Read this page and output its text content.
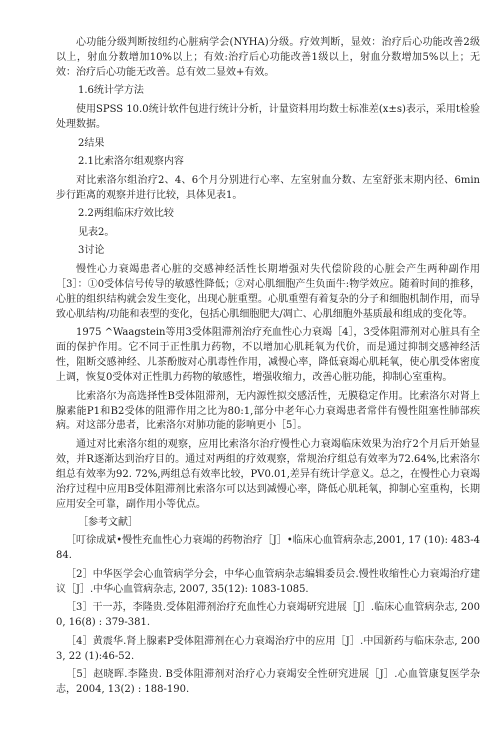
心功能分级判断按纽约心脏病学会(NYHA)分级。疗效判断，显效：治疗后心功能改善2级以上，射血分数增加10%以上；有效:治疗后心功能改善1级以上，射血分数增加5%以上；无效：治疗后心功能无改善。总有效二显效+有效。

1.6统计学方法

使用SPSS 10.0统计软件包进行统计分析，计量资料用均数士标准差(x±s)表示，采用t检验处理数据。

2结果

2.1比索洛尔组观察内容

对比索洛尔组治疗2、4、6个月分别进行心率、左室射血分数、左室舒张末期内径、6min步行距离的观察并进行比较，具体见表1。

2.2两组临床疗效比较

见表2。

3讨论

慢性心力衰竭患者心脏的交感神经活性长期增强对失代偿阶段的心脏会产生两种副作用［3］：①0受体信号传导的敏感性降低；②对心肌细胞产生负面牛:物学效应。随着时间的推移，心脏的组织结构就会发生变化，出现心脏重塑。心肌重塑有着复杂的分子和细胞机制作用，而导致心肌结构/功能和表型的变化，包括心肌细胞肥大/凋亡、心肌细胞外基质最和组成的变化等。

1975 ^Waagstein等用3受体阻滞剂治疗充血性心力衰竭［4］，3受体阻滞剂对心脏具有全面的保护作用。它不同于正性肌力药物，不以增加心肌耗氧为代价，而是通过抑制交感神经活性，阻断交感神经、儿茶酚胺对心肌毒性作用，减慢心率，降低衰竭心肌耗氧，使心肌受体密度上调，恢复0受体对正性肌力药物的敏感性，增强收缩力，改善心脏功能，抑制心室重构。

比索洛尔为高选择性B受体阻滞剂，无内源性拟交感活性，无膜稳定作用。比索洛尔对肾上腺素能P1和B2受体的阻滞作用之比为80:1,部分中老年心力衰竭患者常伴有慢性阻塞性肺部疾病。对这部分患者，比索洛尔对肺功能的影响更小［5］。

通过对比索洛尔组的观察，应用比索洛尔治疗慢性心力衰竭临床效果为治疗2个月后开始显效，并R逐渐达到治疗目的。通过对两组的疗效观察，常规治疗组总有效率为72.64%,比索洛尔组总有效率为92. 72%,两组总有效率比较，PV0.01,差异有统计学意义。总之，在慢性心力衰竭治疗过程中应用B受体阻滞剂比索洛尔可以达到减慢心率，降低心肌耗氧，抑制心室重构，长期应用安全可靠，副作用小等优点。

［参考文献］

［叮徐成斌•慢性充血性心力衰竭的药物治疗［J］•临床心血管病杂志,2001, 17 (10): 483-484.

［2］中华医学会心血管病学分会，中华心血管病杂志编辑委员会.慢性收缩性心力衰竭治疗建议［J］.中华心血管病杂志, 2007, 35(12): 1083-1085.

［3］干一苏，李隆贵.受体阻滞剂治疗充血性心力衰竭研究进展［J］.临床心血管病杂志, 2000, 16(8) : 379-381.

［4］黄震华.肾上腺素P受体阻滞剂在心力衰竭治疗中的应用［J］.中国新药与临床杂志, 2003, 22 (1):46-52.

［5］赵晓晖.李隆贵. B受体阻滞剂对治疗心力衰竭安全性研究进展［J］.心血管康复医学杂志，2004, 13(2) : 188-190.
